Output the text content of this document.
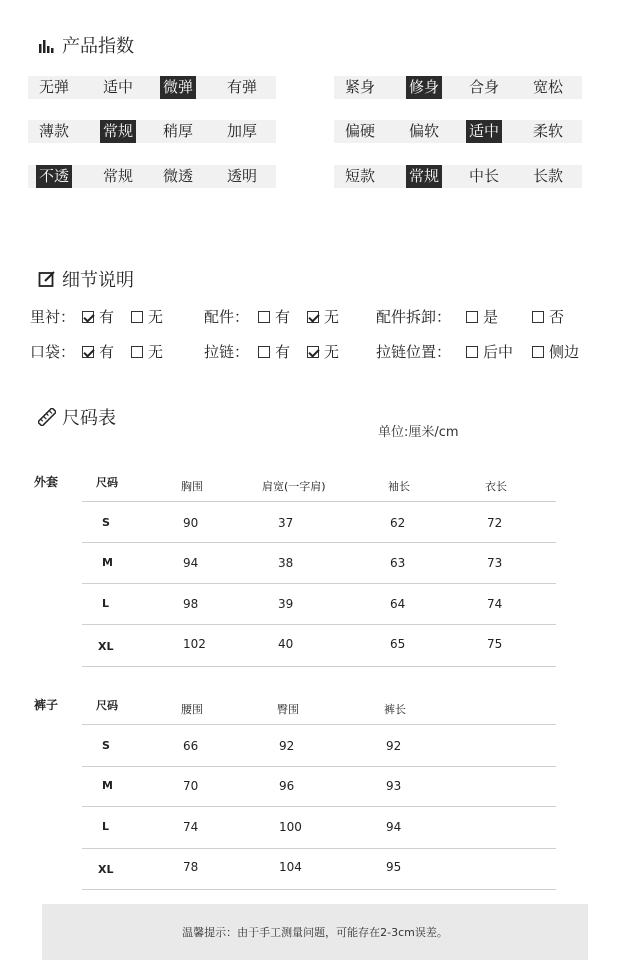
产品指数
无弹 适中 微弹 有弹	紧身 修身 合身 宽松
薄款 常规 稍厚 加厚	偏硬 偏软 适中 柔软
不透 常规 微透 透明	短款 常规 中长 长款
细节说明
里衬： 有 无	配件： 有 无 配件拆卸： 是	否
口袋： 有 无	拉链： 有 无 拉链位置： 后中 侧边
尺码表
单位:厘米/cm
外套	尺码	胸围	肩宽(一字肩)	袖长	衣长
S	90	37	62	72
M	94	38	63	73
L	98	39	64	74
XL	102	40	65	75
裤子	尺码	腰围	臀围	裤长
S	66	92	92
M	70	96	93
L	74	100	94
XL	78	104	95
温馨提示：由于手工测量问题，可能存在2-3cm误差。
